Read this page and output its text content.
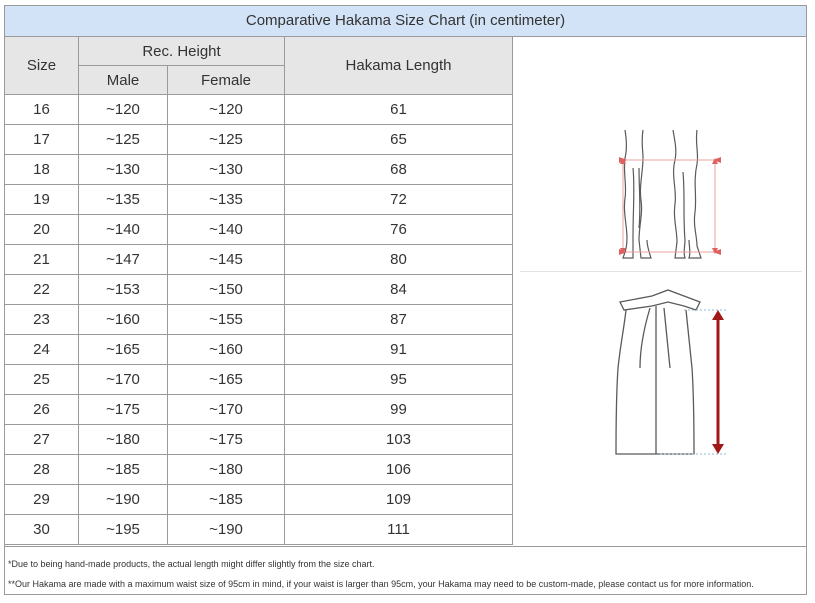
Comparative Hakama Size Chart (in centimeter)
Size	Rec. Height		Hakama Length
	Male	Female	
16	~120	~120	61
17	~125	~125	65
18	~130	~130	68
19	~135	~135	72
20	~140	~140	76
21	~147	~145	80
22	~153	~150	84
23	~160	~155	87
24	~165	~160	91
25	~170	~165	95
26	~175	~170	99
27	~180	~175	103
28	~185	~180	106
29	~190	~185	109
30	~195	~190	111
*Due to being hand-made products, the actual length might differ slightly from the size chart.
**Our Hakama are made with a maximum waist size of 95cm in mind, if your waist is larger than 95cm, your Hakama may need to be custom-made, please contact us for more information.
